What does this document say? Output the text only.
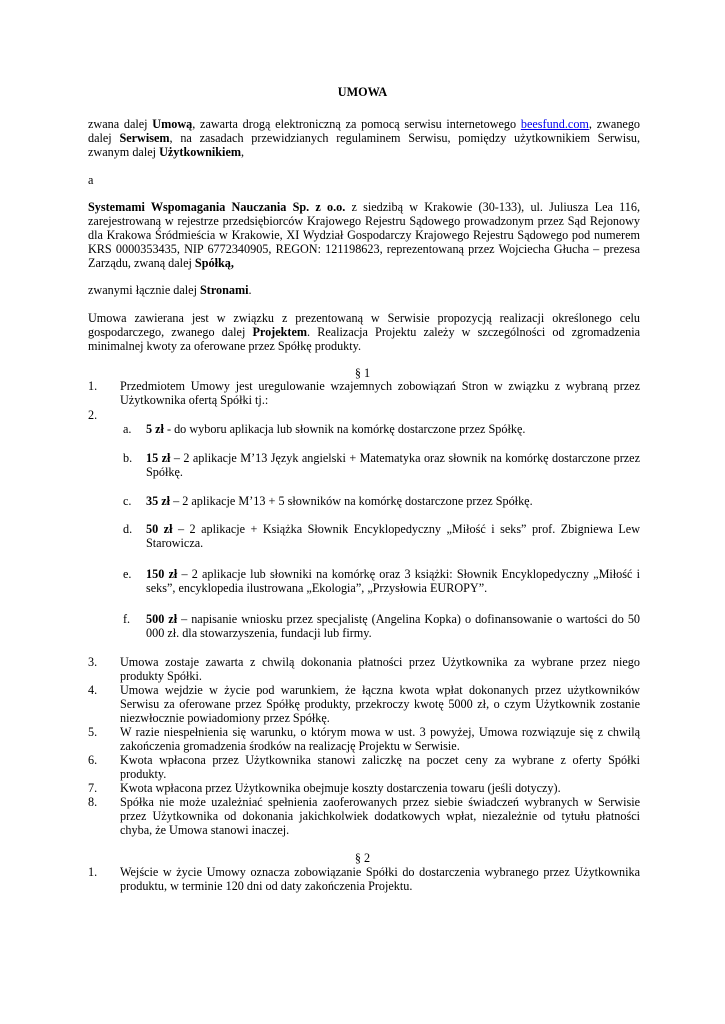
UMOWA
zwana dalej Umową, zawarta drogą elektroniczną za pomocą serwisu internetowego beesfund.com, zwanego dalej Serwisem, na zasadach przewidzianych regulaminem Serwisu, pomiędzy użytkownikiem Serwisu, zwanym dalej Użytkownikiem,
a
Systemami Wspomagania Nauczania Sp. z o.o. z siedzibą w Krakowie (30-133), ul. Juliusza Lea 116, zarejestrowaną w rejestrze przedsiębiorców Krajowego Rejestru Sądowego prowadzonym przez Sąd Rejonowy dla Krakowa Śródmieścia w Krakowie, XI Wydział Gospodarczy Krajowego Rejestru Sądowego pod numerem KRS 0000353435, NIP 6772340905, REGON: 121198623, reprezentowaną przez Wojciecha Głucha – prezesa Zarządu, zwaną dalej Spółką,
zwanymi łącznie dalej Stronami.
Umowa zawierana jest w związku z prezentowaną w Serwisie propozycją realizacji określonego celu gospodarczego, zwanego dalej Projektem. Realizacja Projektu zależy w szczególności od zgromadzenia minimalnej kwoty za oferowane przez Spółkę produkty.
§ 1
1.	Przedmiotem Umowy jest uregulowanie wzajemnych zobowiązań Stron w związku z wybraną przez Użytkownika ofertą Spółki tj.:
2.
a.	5 zł - do wyboru aplikacja lub słownik na komórkę dostarczone przez Spółkę.
b.	15 zł – 2 aplikacje M’13 Język angielski + Matematyka oraz słownik na komórkę dostarczone przez Spółkę.
c.	35 zł – 2 aplikacje M’13 + 5 słowników na komórkę dostarczone przez Spółkę.
d.	50 zł – 2 aplikacje + Książka Słownik Encyklopedyczny „Miłość i seks” prof. Zbigniewa Lew Starowicza.
e.	150 zł – 2 aplikacje lub słowniki na komórkę oraz 3 książki: Słownik Encyklopedyczny „Miłość i seks”, encyklopedia ilustrowana „Ekologia”, „Przysłowia EUROPY”.
f.	500 zł – napisanie wniosku przez specjalistę (Angelina Kopka) o dofinansowanie o wartości do 50 000 zł. dla stowarzyszenia, fundacji lub firmy.
3.	Umowa zostaje zawarta z chwilą dokonania płatności przez Użytkownika za wybrane przez niego produkty Spółki.
4.	Umowa wejdzie w życie pod warunkiem, że łączna kwota wpłat dokonanych przez użytkowników Serwisu za oferowane przez Spółkę produkty, przekroczy kwotę 5000 zł, o czym Użytkownik zostanie niezwłocznie powiadomiony przez Spółkę.
5.	W razie niespełnienia się warunku, o którym mowa w ust. 3 powyżej, Umowa rozwiązuje się z chwilą zakończenia gromadzenia środków na realizację Projektu w Serwisie.
6.	Kwota wpłacona przez Użytkownika stanowi zaliczkę na poczet ceny za wybrane z oferty Spółki produkty.
7.	Kwota wpłacona przez Użytkownika obejmuje koszty dostarczenia towaru (jeśli dotyczy).
8.	Spółka nie może uzależniać spełnienia zaoferowanych przez siebie świadczeń wybranych w Serwisie przez Użytkownika od dokonania jakichkolwiek dodatkowych wpłat, niezależnie od tytułu płatności chyba, że Umowa stanowi inaczej.
§ 2
1.	Wejście w życie Umowy oznacza zobowiązanie Spółki do dostarczenia wybranego przez Użytkownika produktu, w terminie 120 dni od daty zakończenia Projektu.
